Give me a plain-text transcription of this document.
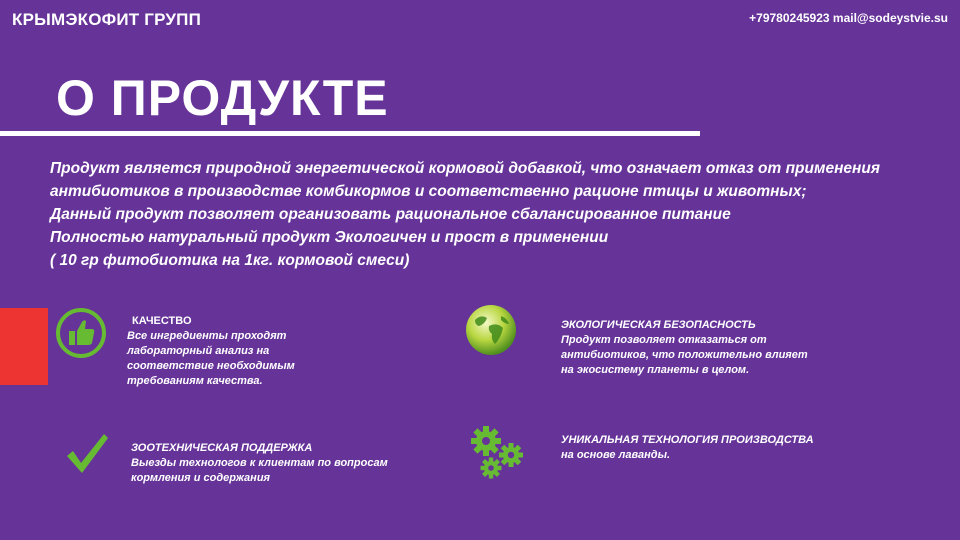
КРЫМЭКОФИТ ГРУПП	+79780245923 mail@sodeystvie.su
О ПРОДУКТЕ

Продукт является природной энергетической кормовой добавкой, что означает отказ от применения

антибиотиков в производстве комбикормов и соответственно рационе птицы и животных;

Данный продукт позволяет организовать рациональное сбалансированное питание

Полностью натуральный продукт Экологичен и прост в применении

( 10 гр фитобиотика на 1кг. кормовой смеси)

КАЧЕСТВО
Все ингредиенты проходят
лабораторный анализ на
соответствие необходимым
требованиям качества.
ЭКОЛОГИЧЕСКАЯ БЕЗОПАСНОСТЬ
Продукт позволяет отказаться от
антибиотиков, что положительно влияет
на экосистему планеты в целом.
ЗООТЕХНИЧЕСКАЯ ПОДДЕРЖКА
Выезды технологов к клиентам по вопросам
кормления и содержания
УНИКАЛЬНАЯ ТЕХНОЛОГИЯ ПРОИЗВОДСТВА
на основе лаванды.
